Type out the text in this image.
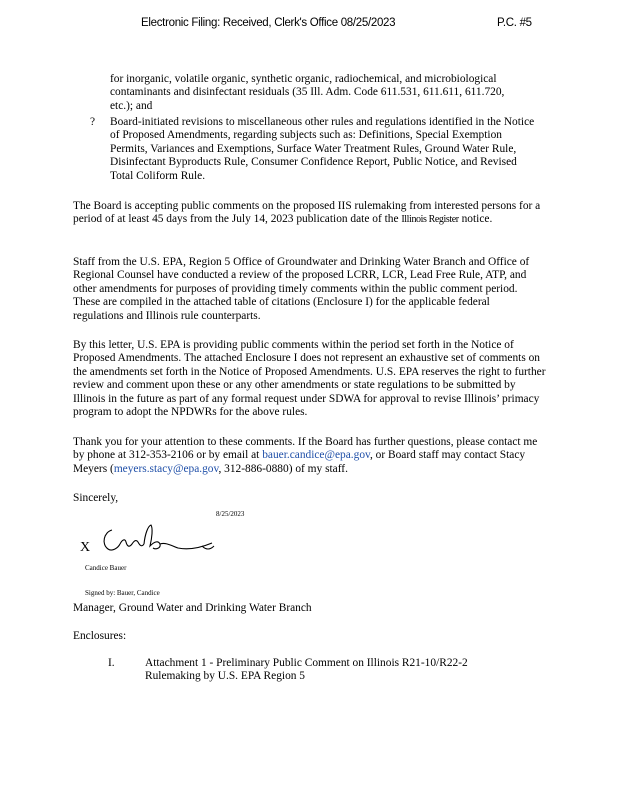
Electronic Filing: Received, Clerk's Office 08/25/2023	P.C. #5
for inorganic, volatile organic, synthetic organic, radiochemical, and microbiological contaminants and disinfectant residuals (35 Ill. Adm. Code 611.531, 611.611, 611.720, etc.); and
? Board-initiated revisions to miscellaneous other rules and regulations identified in the Notice of Proposed Amendments, regarding subjects such as: Definitions, Special Exemption Permits, Variances and Exemptions, Surface Water Treatment Rules, Ground Water Rule, Disinfectant Byproducts Rule, Consumer Confidence Report, Public Notice, and Revised Total Coliform Rule.
The Board is accepting public comments on the proposed IIS rulemaking from interested persons for a period of at least 45 days from the July 14, 2023 publication date of the Illinois Register notice.
Staff from the U.S. EPA, Region 5 Office of Groundwater and Drinking Water Branch and Office of Regional Counsel have conducted a review of the proposed LCRR, LCR, Lead Free Rule, ATP, and other amendments for purposes of providing timely comments within the public comment period. These are compiled in the attached table of citations (Enclosure I) for the applicable federal regulations and Illinois rule counterparts.
By this letter, U.S. EPA is providing public comments within the period set forth in the Notice of Proposed Amendments. The attached Enclosure I does not represent an exhaustive set of comments on the amendments set forth in the Notice of Proposed Amendments. U.S. EPA reserves the right to further review and comment upon these or any other amendments or state regulations to be submitted by Illinois in the future as part of any formal request under SDWA for approval to revise Illinois’ primacy program to adopt the NPDWRs for the above rules.
Thank you for your attention to these comments. If the Board has further questions, please contact me by phone at 312-353-2106 or by email at bauer.candice@epa.gov, or Board staff may contact Stacy Meyers (meyers.stacy@epa.gov, 312-886-0880) of my staff.
Sincerely,
8/25/2023
X
Candice Bauer
Signed by: Bauer, Candice
Manager, Ground Water and Drinking Water Branch
Enclosures:
I.	Attachment 1 - Preliminary Public Comment on Illinois R21-10/R22-2 Rulemaking by U.S. EPA Region 5
